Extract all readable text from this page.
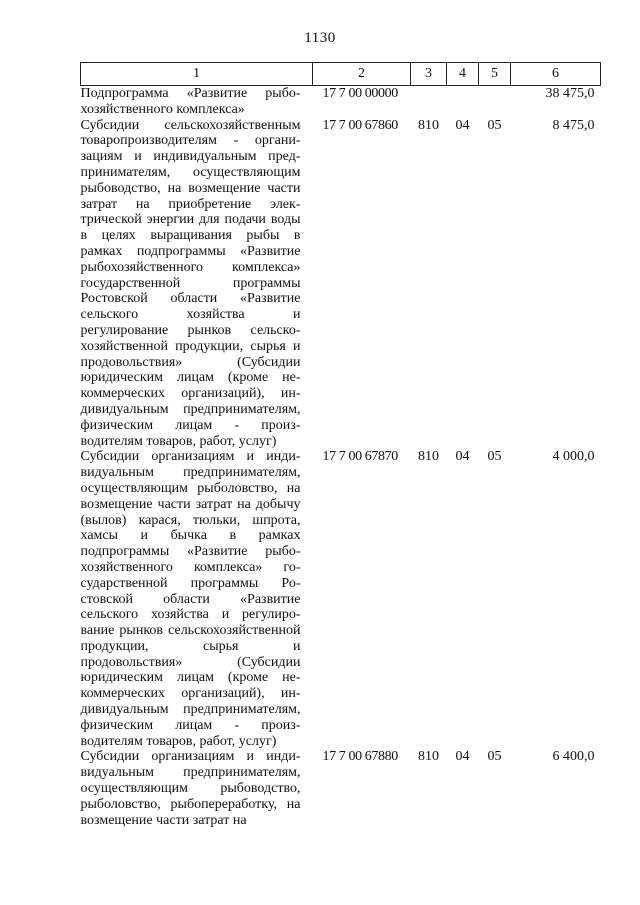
1130
1	2	3	4	5	6
Подпрограмма «Развитие рыбохозяйственного комплекса»	17 7 00 00000				38 475,0
Субсидии сельскохозяйственным товаропроизводителям - организациям и индивидуальным предпринимателям, осуществляющим рыбоводство, на возмещение части затрат на приобретение электрической энергии для подачи воды в целях выращивания рыбы в рамках подпрограммы «Развитие рыбохозяйственного комплекса» государственной программы Ростовской области «Развитие сельского хозяйства и регулирование рынков сельскохозяйственной продукции, сырья и продовольствия» (Субсидии юридическим лицам (кроме некоммерческих организаций), индивидуальным предпринимателям, физическим лицам - производителям товаров, работ, услуг)	17 7 00 67860	810	04	05	8 475,0
Субсидии организациям и индивидуальным предпринимателям, осуществляющим рыболовство, на возмещение части затрат на добычу (вылов) карася, тюльки, шпрота, хамсы и бычка в рамках подпрограммы «Развитие рыбохозяйственного комплекса» государственной программы Ростовской области «Развитие сельского хозяйства и регулирование рынков сельскохозяйственной продукции, сырья и продовольствия» (Субсидии юридическим лицам (кроме некоммерческих организаций), индивидуальным предпринимателям, физическим лицам - производителям товаров, работ, услуг)	17 7 00 67870	810	04	05	4 000,0
Субсидии организациям и индивидуальным предпринимателям, осуществляющим рыбоводство, рыболовство, рыбопереработку, на возмещение части затрат на	17 7 00 67880	810	04	05	6 400,0
